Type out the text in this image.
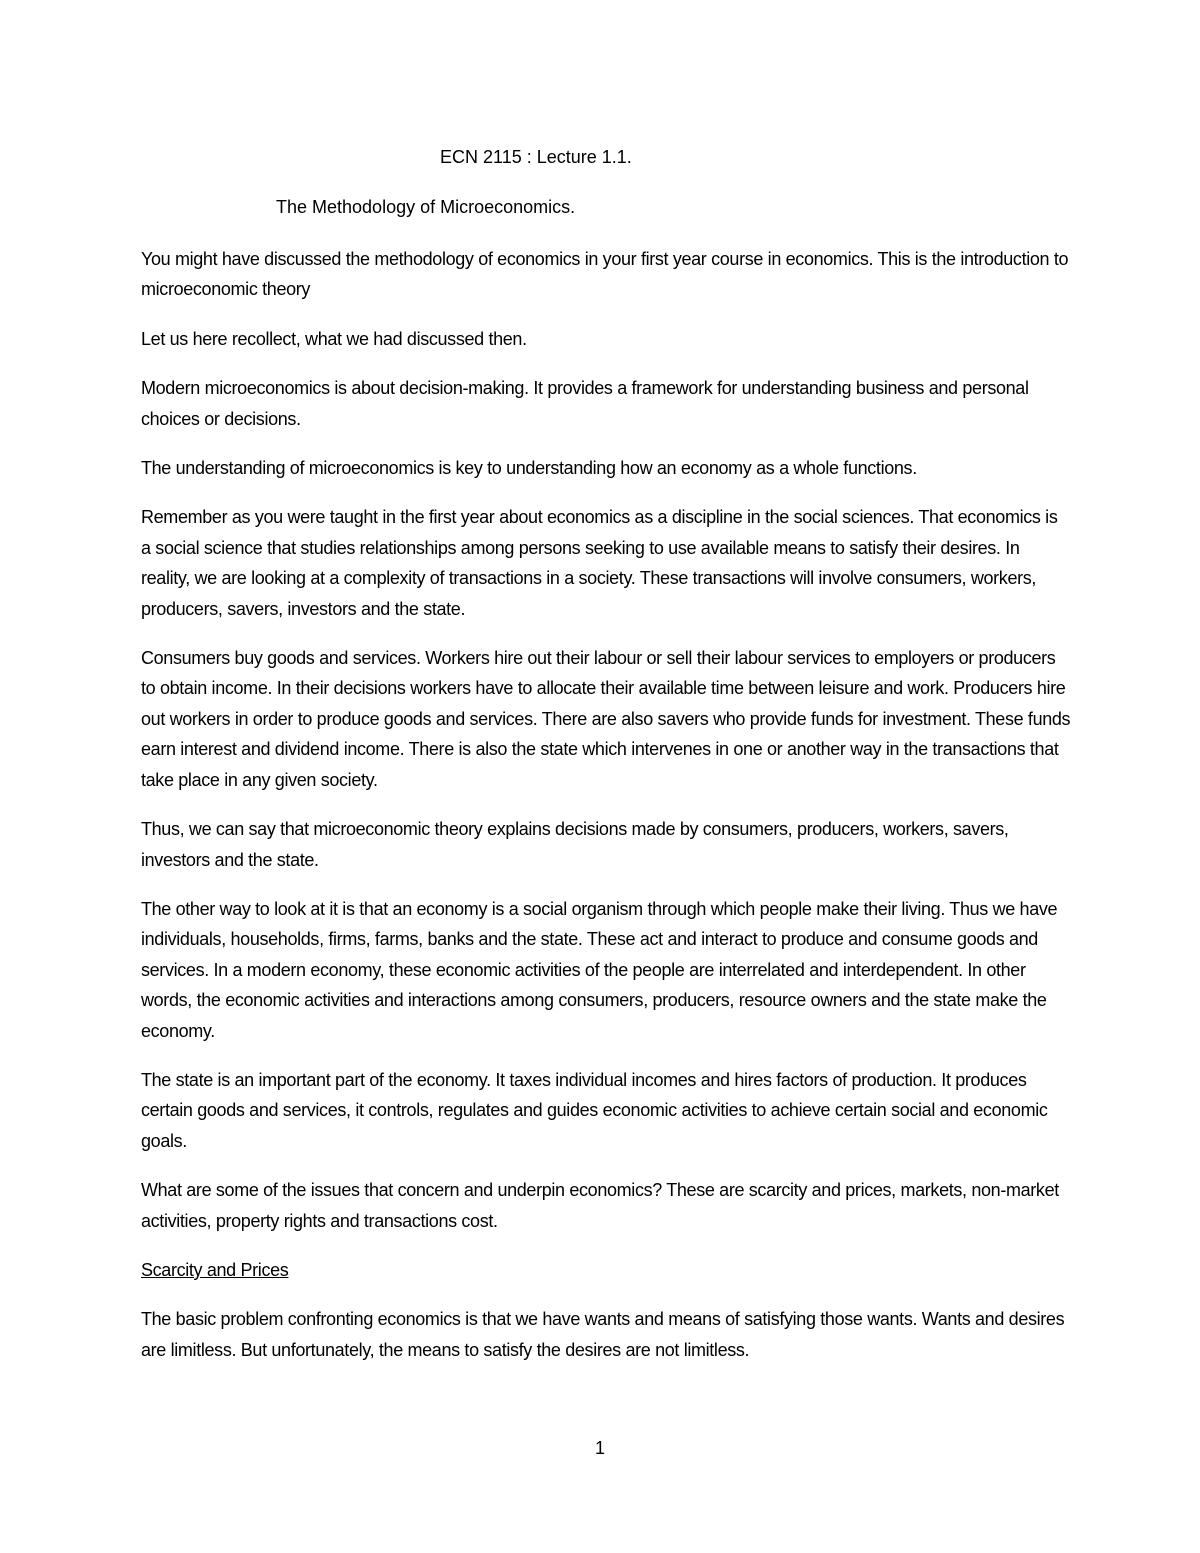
ECN 2115 : Lecture 1.1.
The Methodology of Microeconomics.

You might have discussed the methodology of economics in your first year course in economics. This is the introduction to microeconomic theory

Let us here recollect, what we had discussed then.

Modern microeconomics is about decision-making. It provides a framework for understanding business and personal choices or decisions.

The understanding of microeconomics is key to understanding how an economy as a whole functions.

Remember as you were taught in the first year about economics as a discipline in the social sciences. That economics is a social science that studies relationships among persons seeking to use available means to satisfy their desires. In reality, we are looking at a complexity of transactions in a society. These transactions will involve consumers, workers, producers, savers, investors and the state.

Consumers buy goods and services. Workers hire out their labour or sell their labour services to employers or producers to obtain income. In their decisions workers have to allocate their available time between leisure and work. Producers hire out workers in order to produce goods and services. There are also savers who provide funds for investment. These funds earn interest and dividend income. There is also the state which intervenes in one or another way in the transactions that take place in any given society.

Thus, we can say that microeconomic theory explains decisions made by consumers, producers, workers, savers, investors and the state.

The other way to look at it is that an economy is a social organism through which people make their living. Thus we have individuals, households, firms, farms, banks and the state. These act and interact to produce and consume goods and services. In a modern economy, these economic activities of the people are interrelated and interdependent. In other words, the economic activities and interactions among consumers, producers, resource owners and the state make the economy.

The state is an important part of the economy. It taxes individual incomes and hires factors of production. It produces certain goods and services, it controls, regulates and guides economic activities to achieve certain social and economic goals.

What are some of the issues that concern and underpin economics? These are scarcity and prices, markets, non-market activities, property rights and transactions cost.

Scarcity and Prices

The basic problem confronting economics is that we have wants and means of satisfying those wants. Wants and desires are limitless. But unfortunately, the means to satisfy the desires are not limitless.

1
